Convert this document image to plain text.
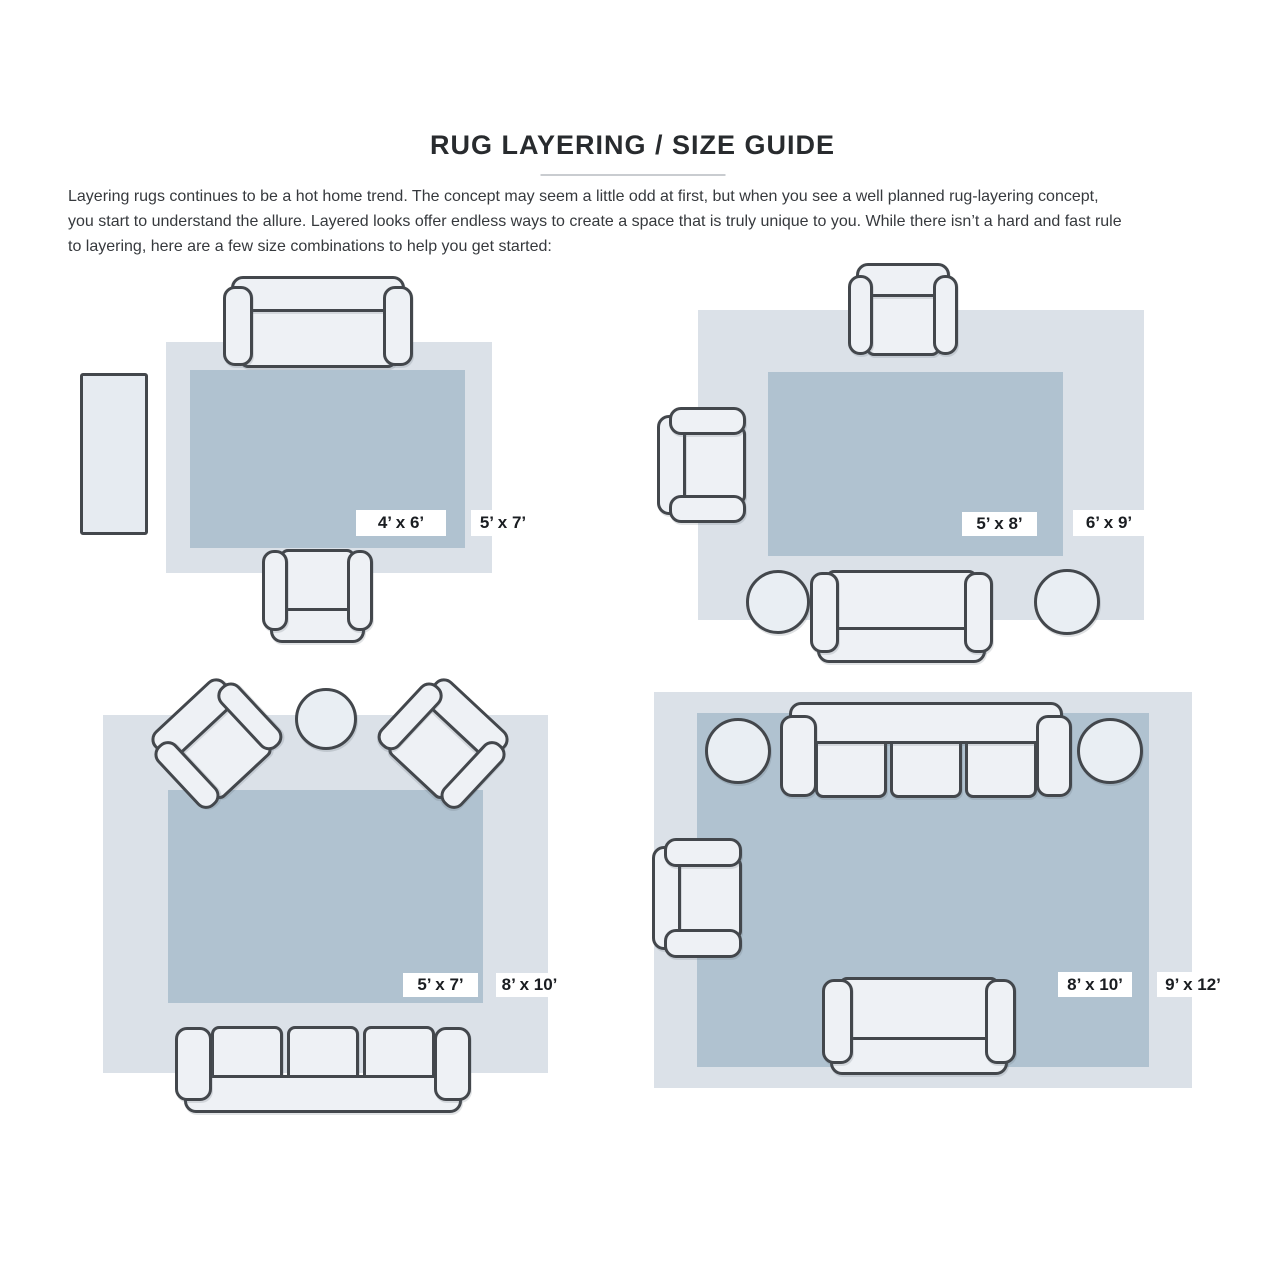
RUG LAYERING / SIZE GUIDE
Layering rugs continues to be a hot home trend. The concept may seem a little odd at first, but when you see a well planned rug-layering concept,
you start to understand the allure. Layered looks offer endless ways to create a space that is truly unique to you. While there isn’t a hard and fast rule
to layering, here are a few size combinations to help you get started:
4’ x 6’	5’ x 7’	5’ x 8’	6’ x 9’
5’ x 7’	8’ x 10’	8’ x 10’	9’ x 12’
